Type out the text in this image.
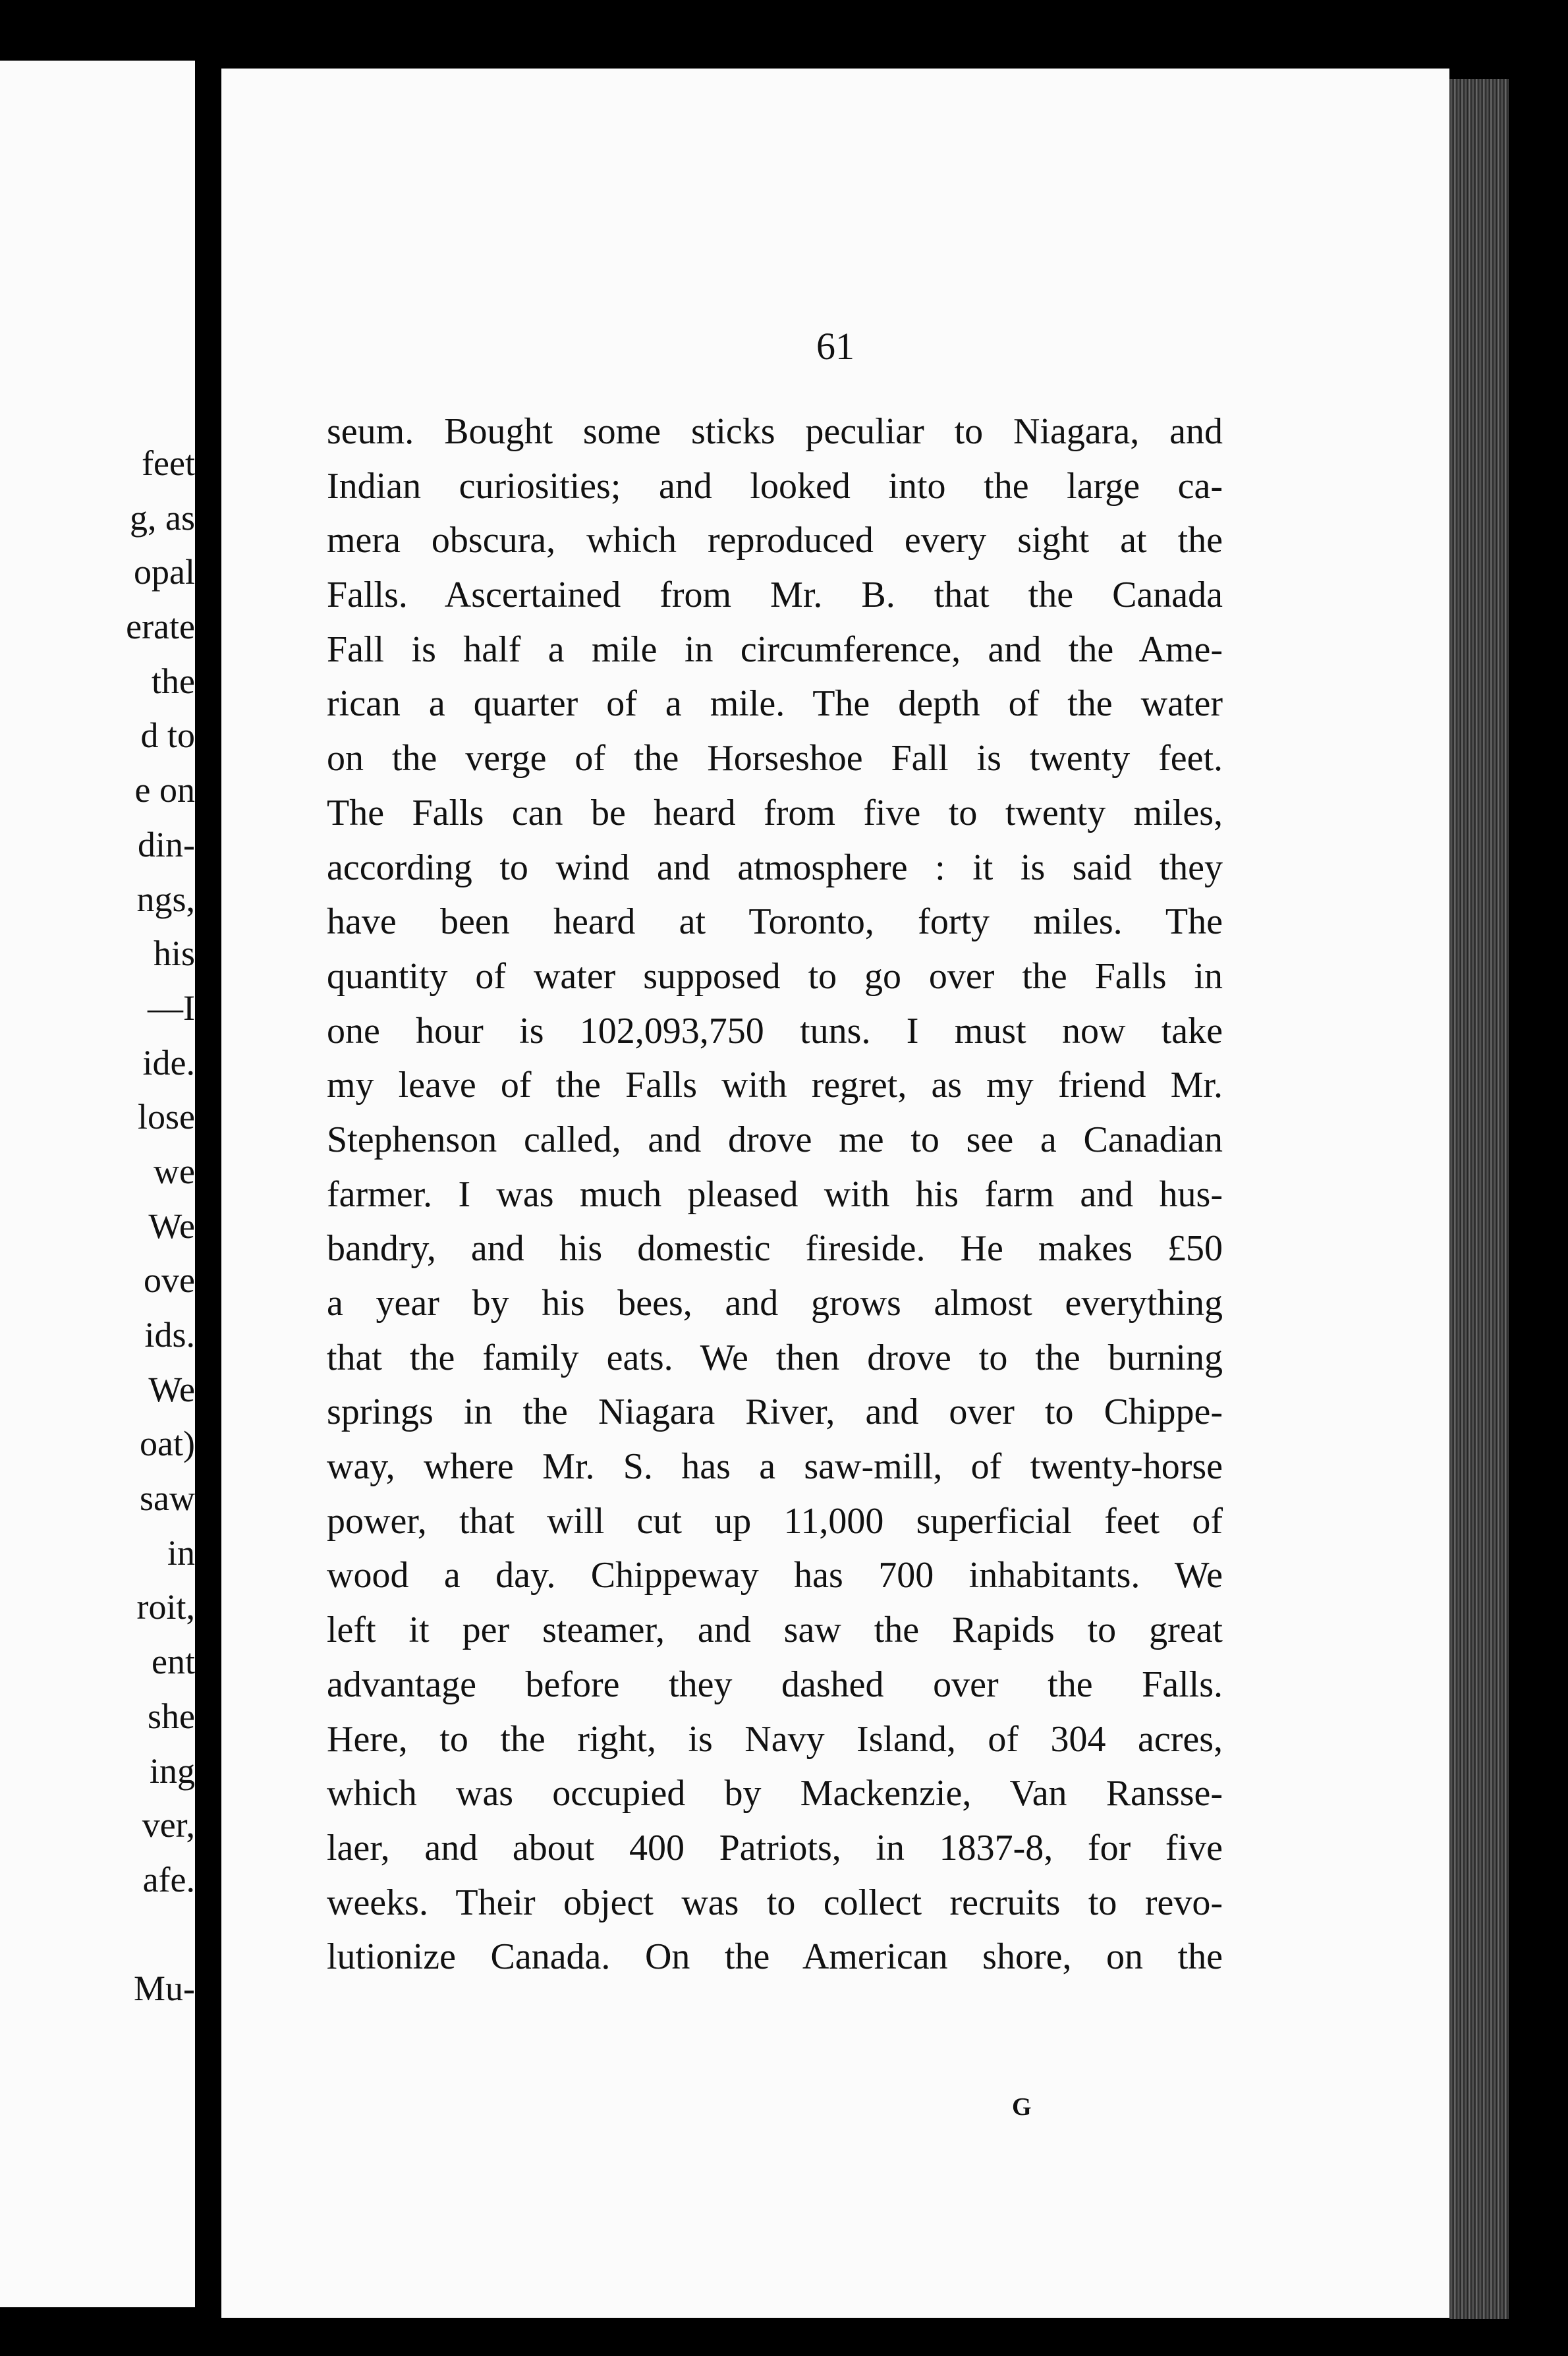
feet
g, as
opal
erate
the
d to
e on
din-
ngs,
his
—I
ide.
lose
we
We
ove
ids.
We
oat)
saw
in
roit,
ent
she
ing
ver,
afe.
Mu-
61
seum. Bought some sticks peculiar to Niagara, and
Indian curiosities; and looked into the large ca-
mera obscura, which reproduced every sight at the
Falls. Ascertained from Mr. B. that the Canada
Fall is half a mile in circumference, and the Ame-
rican a quarter of a mile. The depth of the water
on the verge of the Horseshoe Fall is twenty feet.
The Falls can be heard from five to twenty miles,
according to wind and atmosphere : it is said they
have been heard at Toronto, forty miles. The
quantity of water supposed to go over the Falls in
one hour is 102,093,750 tuns. I must now take
my leave of the Falls with regret, as my friend Mr.
Stephenson called, and drove me to see a Canadian
farmer. I was much pleased with his farm and hus-
bandry, and his domestic fireside. He makes £50
a year by his bees, and grows almost everything
that the family eats. We then drove to the burning
springs in the Niagara River, and over to Chippe-
way, where Mr. S. has a saw-mill, of twenty-horse
power, that will cut up 11,000 superficial feet of
wood a day. Chippeway has 700 inhabitants. We
left it per steamer, and saw the Rapids to great
advantage before they dashed over the Falls.
Here, to the right, is Navy Island, of 304 acres,
which was occupied by Mackenzie, Van Ransse-
laer, and about 400 Patriots, in 1837-8, for five
weeks. Their object was to collect recruits to revo-
lutionize Canada. On the American shore, on the
G
